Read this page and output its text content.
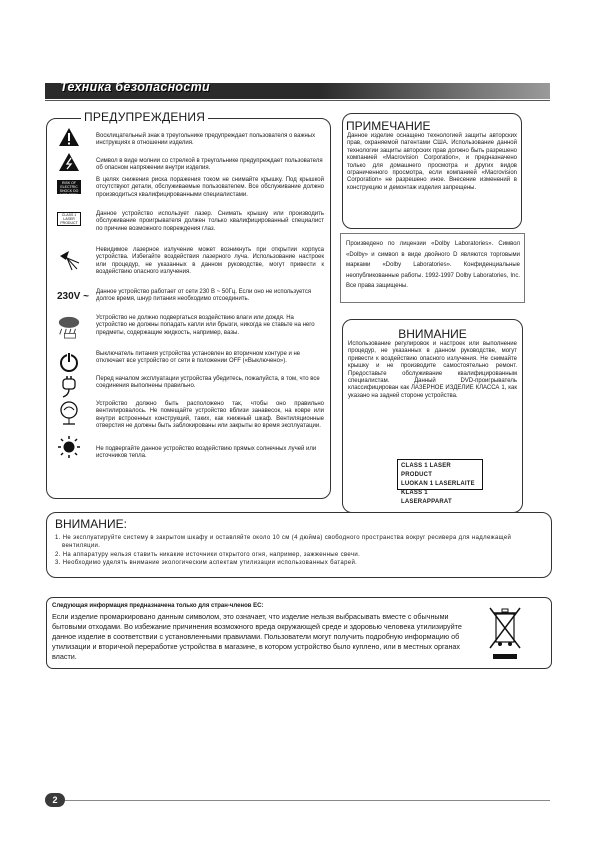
Техника безопасности
ПРЕДУПРЕЖДЕНИЯ
Восклицательный знак в треугольнике предупреждает пользователя о важных инструкциях в отношении изделия.
Символ в виде молнии со стрелкой в треугольнике предупреждает пользователя об опасном напряжении внутри изделия.
CAUTION RISK OF ELECTRIC SHOCK DO NOT OPEN
В целях снижения риска поражения током не снимайте крышку. Под крышкой отсутствуют детали, обслуживаемые пользователем. Все обслуживание должно производиться квалифицированными специалистами.
CLASS 1 LASER PRODUCT
Данное устройство использует лазер. Снимать крышку или производить обслуживание проигрывателя должен только квалифицированный специалист по причине возможного повреждения глаз.
Невидимое лазерное излучение может возникнуть при открытии корпуса устройства. Избегайте воздействия лазерного луча. Использование настроек или процедур, не указанных в данном руководстве, могут привести к воздействию опасного излучения.
230V ~ Данное устройство работает от сети 230 В ~ 50Гц. Если оно не используется долгое время, шнур питания необходимо отсоединить.
Устройство не должно подвергаться воздействию влаги или дождя. На устройство не должны попадать капли или брызги, никогда не ставьте на него предметы, содержащие жидкость, например, вазы.
Выключатель питания устройства установлен во вторичном контуре и не отключает все устройство от сети в положении OFF («Выключено»).
Перед началом эксплуатации устройства убедитесь, пожалуйста, в том, что все соединения выполнены правильно.
Устройство должно быть расположено так, чтобы оно правильно вентилировалось. Не помещайте устройство вблизи занавесок, на ковре или внутри встроенных конструкций, таких, как книжный шкаф. Вентиляционные отверстия не должны быть заблокированы или закрыты во время эксплуатации.
Не подвергайте данное устройство воздействию прямых солнечных лучей или источников тепла.
ПРИМЕЧАНИЕ
Данное изделие оснащено технологией защиты авторских прав, охраняемой патентами США. Использование данной технологии защиты авторских прав должно быть разрешено компанией «Macrovision Corporation», и предназначено только для домашнего просмотра и других видов ограниченного просмотра, если компанией «Macrovision Corporation» не разрешено иное. Внесение изменений в конструкцию и демонтаж изделия запрещены.
Произведено по лицензии «Dolby Laboratories». Символ «Dolby» и символ в виде двойного D являются торговыми марками «Dolby Laboratories». Конфиденциальные неопубликованные работы. 1992-1997 Dolby Laboratories, Inc. Все права защищены.
ВНИМАНИЕ
Использование регулировок и настроек или выполнение процедур, не указанных в данном руководстве, могут привести к воздействию опасного излучения. Не снимайте крышку и не производите самостоятельно ремонт. Предоставьте обслуживание квалифицированным специалистам. Данный DVD-проигрыватель классифицирован как ЛАЗЕРНОЕ ИЗДЕЛИЕ КЛАССА 1, как указано на задней стороне устройства.
CLASS 1 LASER PRODUCT
LUOKAN 1 LASERLAITE
KLASS 1 LASERAPPARAT
ВНИМАНИЕ:
1. Не эксплуатируйте систему в закрытом шкафу и оставляйте около 10 см (4 дюйма) свободного пространства вокруг ресивера для надлежащей вентиляции.
2. На аппаратуру нельзя ставить никакие источники открытого огня, например, зажженные свечи.
3. Необходимо уделять внимание экологическим аспектам утилизации использованных батарей.
Следующая информация предназначена только для стран-членов ЕС:
Если изделие промаркировано данным символом, это означает, что изделие нельзя выбрасывать вместе с обычными бытовыми отходами. Во избежание причинения возможного вреда окружающей среде и здоровью человека утилизируйте данное изделие в соответствии с установленными правилами. Пользователи могут получить подробную информацию об утилизации и вторичной переработке устройства в магазине, в котором устройство было куплено, или в местных органах власти.
2
